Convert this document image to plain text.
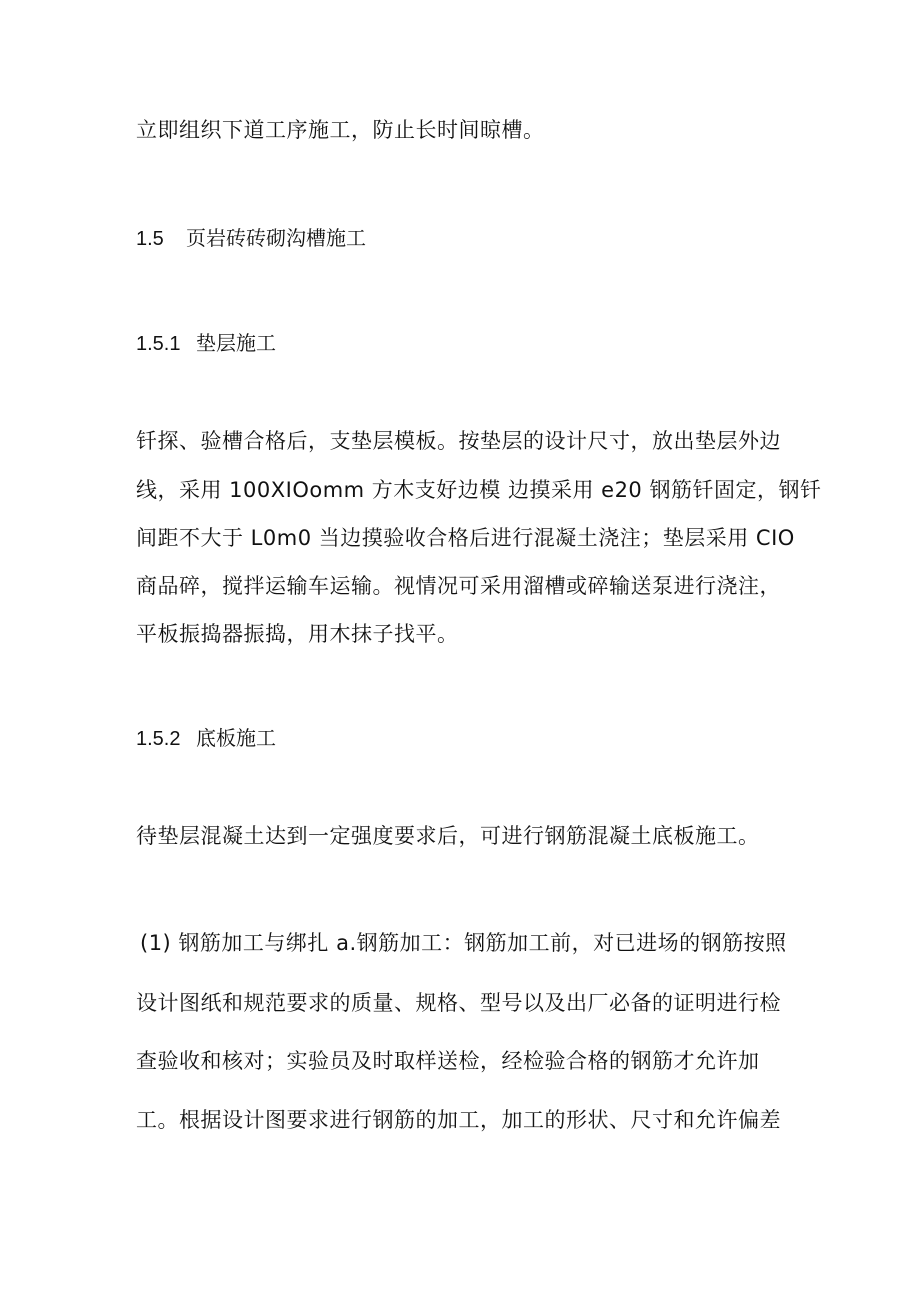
立即组织下道工序施工，防止长时间晾槽。
1.5 页岩砖砖砌沟槽施工
1.5.1 垫层施工
钎探、验槽合格后，支垫层模板。按垫层的设计尺寸，放出垫层外边
线，采用 100XIOomm 方木支好边模 边摸采用 e20 钢筋钎固定，钢钎
间距不大于 L0m0 当边摸验收合格后进行混凝土浇注；垫层采用 CIO
商品碎，搅拌运输车运输。视情况可采用溜槽或碎输送泵进行浇注，
平板振捣器振捣，用木抹子找平。
1.5.2 底板施工
待垫层混凝土达到一定强度要求后，可进行钢筋混凝土底板施工。
(1) 钢筋加工与绑扎 a.钢筋加工：钢筋加工前，对已进场的钢筋按照
设计图纸和规范要求的质量、规格、型号以及出厂必备的证明进行检
查验收和核对；实验员及时取样送检，经检验合格的钢筋才允许加
工。根据设计图要求进行钢筋的加工，加工的形状、尺寸和允许偏差
